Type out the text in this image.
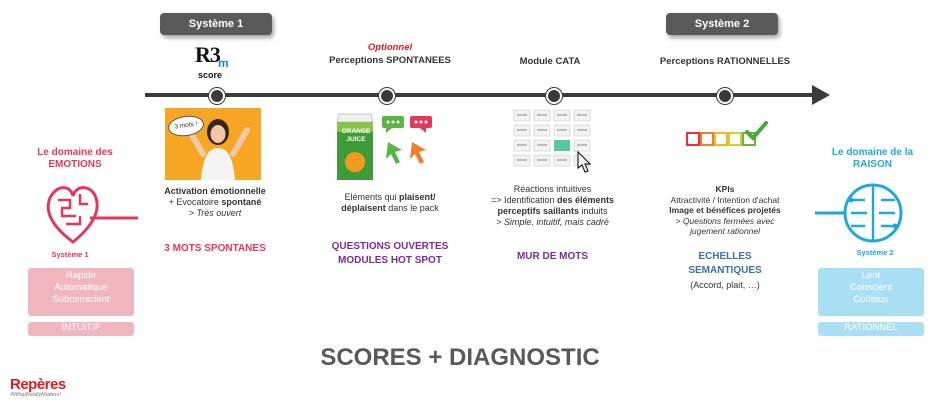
Système 1	Système 2
R3
m
score
Optionnel
Perceptions SPONTANEES	Module CATA	Perceptions RATIONNELLES
Le domaine des
EMOTIONS
Système 1
Rapide
Automatique
Subconscient
INTUITIF
Le domaine de la
RAISON
Système 2
Lent
Conscient
Coûteux
RATIONNEL
3 mots !
Activation émotionnelle
+ Evocatoire spontané
> Très ouvert
3 MOTS SPONTANES
ORANGE
JUICE
Eléments qui plaisent/
déplaisent dans le pack
QUESTIONS OUVERTES
MODULES HOT SPOT
Réactions intuitives
=> Identification des éléments
perceptifs saillants induits
> Simple, intuitif, mais cadré
MUR DE MOTS
KPIs
Attractivité / Intention d'achat
Image et bénéfices projetés
> Questions fermées avec
jugement rationnel
ECHELLES
SEMANTIQUES
(Accord, plait, …)
SCORES + DIAGNOSTIC
Repères
#WhatReallyMatters!
